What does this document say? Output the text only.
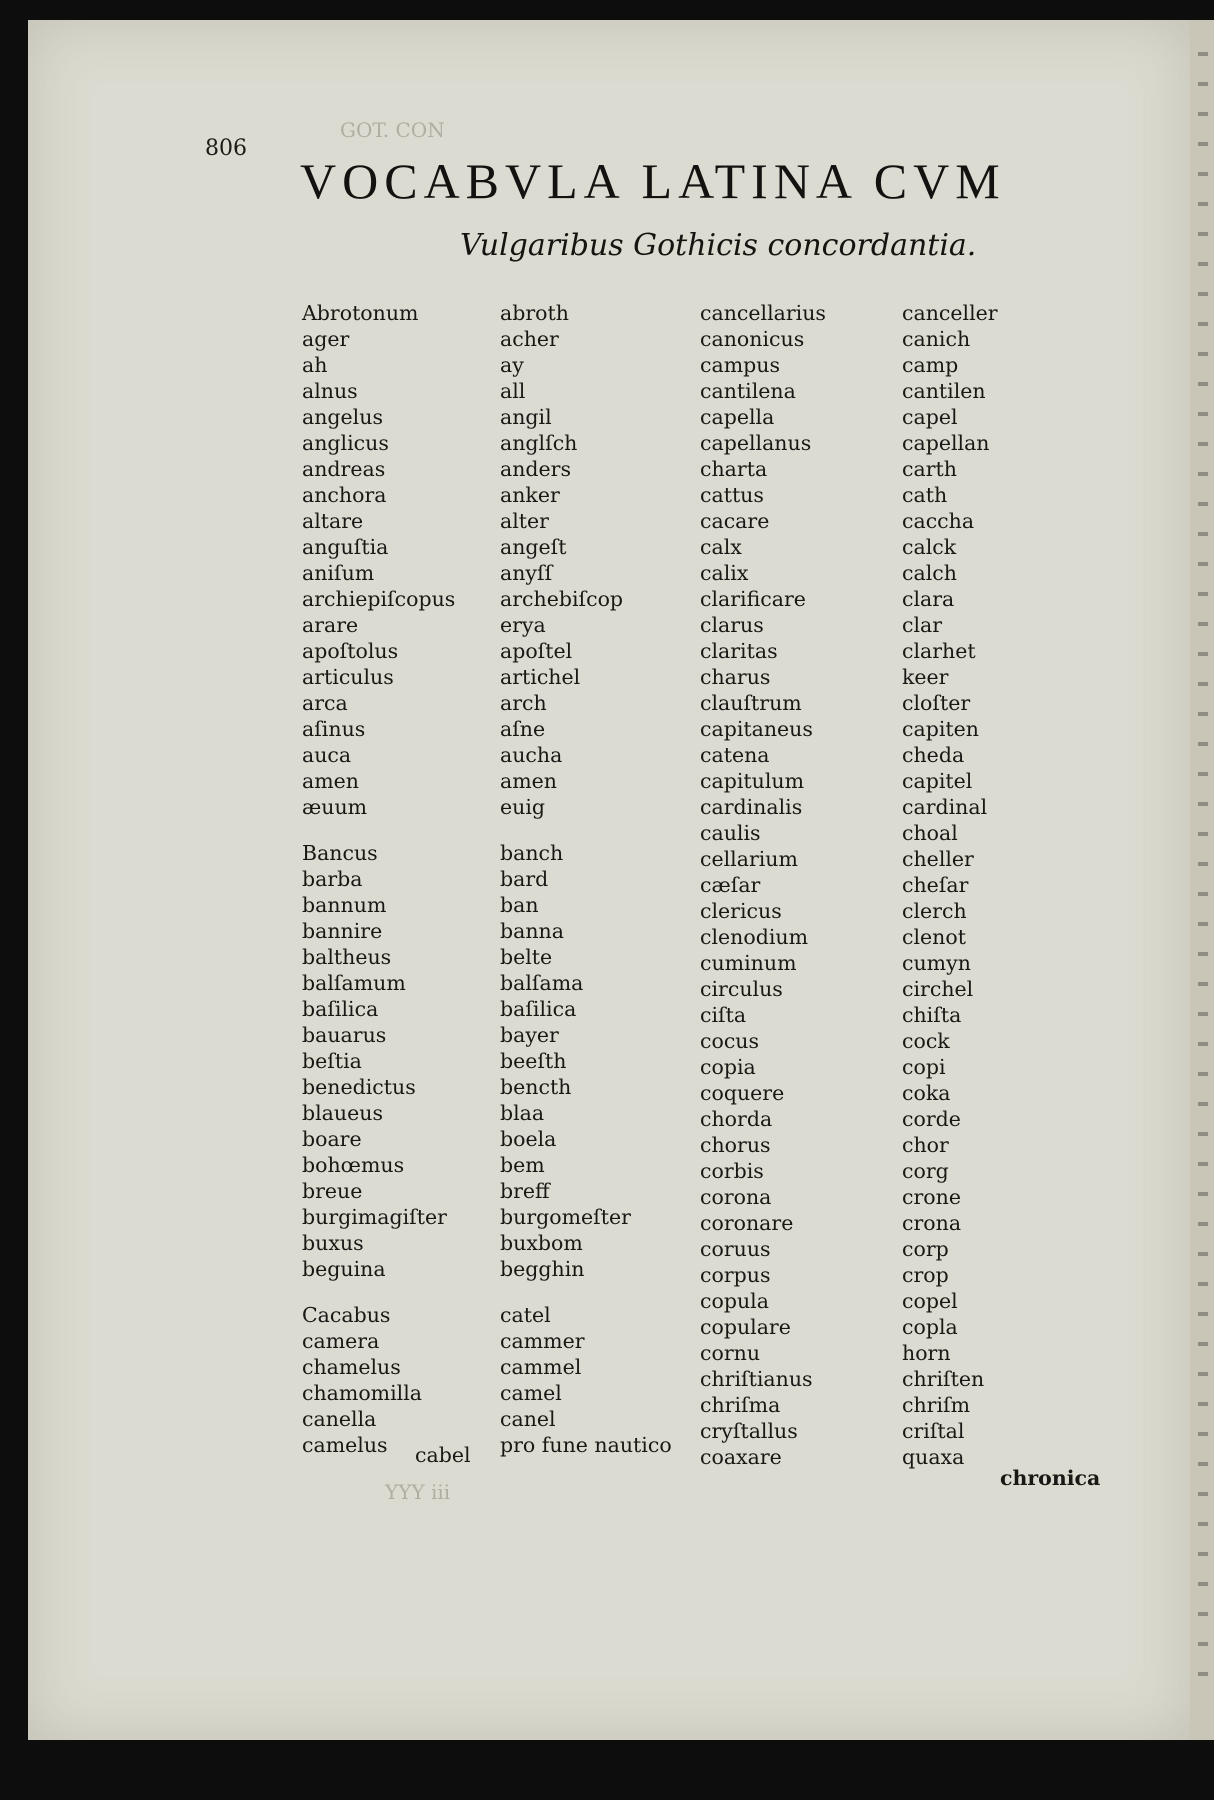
GOT. CON
YYY iii
806
VOCABVLA LATINA CVM
Vulgaribus Gothicis concordantia.
Abrotonum
ager
ah
alnus
angelus
anglicus
andreas
anchora
altare
anguſtia
aniſum
archiepiſcopus
arare
apoſtolus
articulus
arca
aſinus
auca
amen
æuum
Bancus
barba
bannum
bannire
baltheus
balſamum
baſilica
bauarus
beſtia
benedictus
blaueus
boare
bohœmus
breue
burgimagiſter
buxus
beguina
Cacabus
camera
chamelus
chamomilla
canella
camelus
abroth
acher
ay
all
angil
anglſch
anders
anker
alter
angeſt
anyſſ
archebiſcop
erya
apoſtel
artichel
arch
aſne
aucha
amen
euig
banch
bard
ban
banna
belte
balſama
baſilica
bayer
beeſth
bencth
blaa
boela
bem
breff
burgomeſter
buxbom
begghin
catel
cammer
cammel
camel
canel
pro fune nautico
cancellarius
canonicus
campus
cantilena
capella
capellanus
charta
cattus
cacare
calx
calix
clarificare
clarus
claritas
charus
clauſtrum
capitaneus
catena
capitulum
cardinalis
caulis
cellarium
cæſar
clericus
clenodium
cuminum
circulus
ciſta
cocus
copia
coquere
chorda
chorus
corbis
corona
coronare
coruus
corpus
copula
copulare
cornu
chriſtianus
chriſma
cryſtallus
coaxare
canceller
canich
camp
cantilen
capel
capellan
carth
cath
caccha
calck
calch
clara
clar
clarhet
keer
cloſter
capiten
cheda
capitel
cardinal
choal
cheller
cheſar
clerch
clenot
cumyn
circhel
chiſta
cock
copi
coka
corde
chor
corg
crone
crona
corp
crop
copel
copla
horn
chriſten
chriſm
criſtal
quaxa
cabel
chronica
